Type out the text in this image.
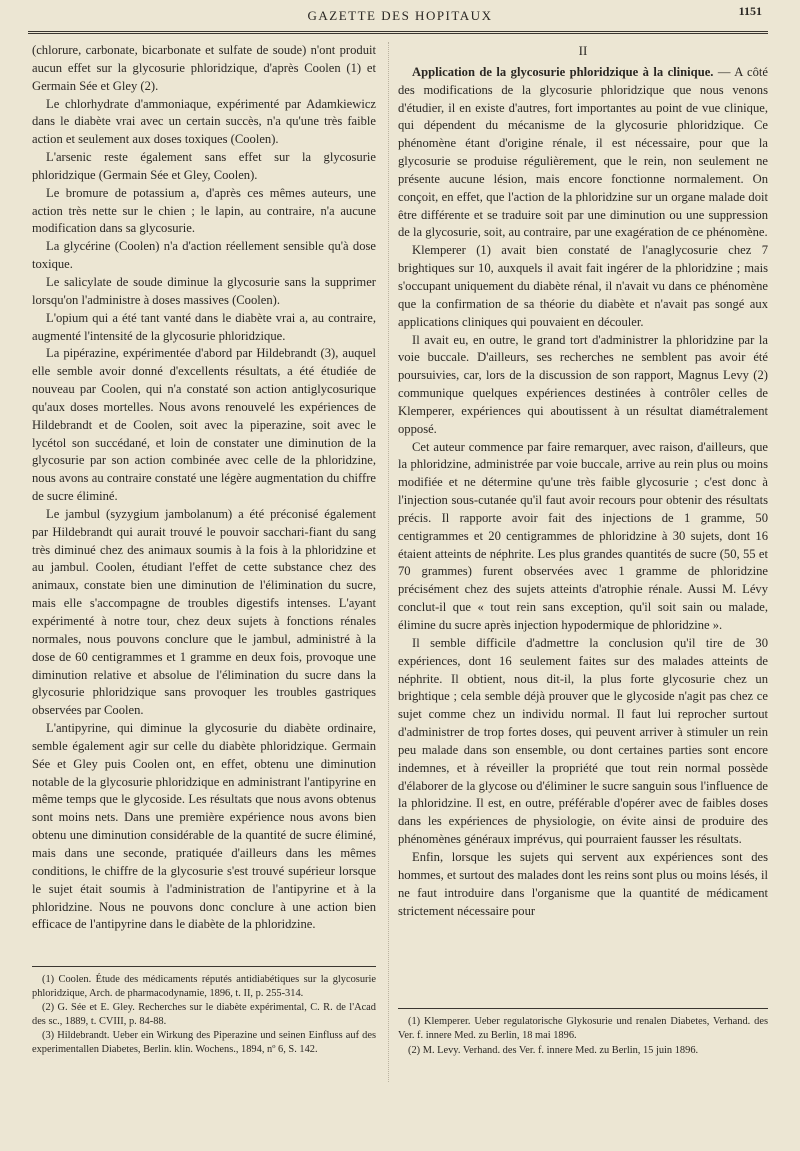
GAZETTE DES HOPITAUX	1151

(chlorure, carbonate, bicarbonate et sulfate de soude) n'ont produit aucun effet sur la glycosurie phloridzique, d'après Coolen (1) et Germain Sée et Gley (2).

Le chlorhydrate d'ammoniaque, expérimenté par Adamkiewicz dans le diabète vrai avec un certain succès, n'a qu'une très faible action et seulement aux doses toxiques (Coolen).

L'arsenic reste également sans effet sur la glycosurie phloridzique (Germain Sée et Gley, Coolen).

Le bromure de potassium a, d'après ces mêmes auteurs, une action très nette sur le chien ; le lapin, au contraire, n'a aucune modification dans sa glycosurie.

La glycérine (Coolen) n'a d'action réellement sensible qu'à dose toxique.

Le salicylate de soude diminue la glycosurie sans la supprimer lorsqu'on l'administre à doses massives (Coolen).

L'opium qui a été tant vanté dans le diabète vrai a, au contraire, augmenté l'intensité de la glycosurie phloridzique.

La pipérazine, expérimentée d'abord par Hildebrandt (3), auquel elle semble avoir donné d'excellents résultats, a été étudiée de nouveau par Coolen, qui n'a constaté son action antiglycosurique qu'aux doses mortelles. Nous avons renouvelé les expériences de Hildebrandt et de Coolen, soit avec la piperazine, soit avec le lycétol son succédané, et loin de constater une diminution de la glycosurie par son action combinée avec celle de la phloridzine, nous avons au contraire constaté une légère augmentation du chiffre de sucre éliminé.

Le jambul (syzygium jambolanum) a été préconisé également par Hildebrandt qui aurait trouvé le pouvoir sacchari-fiant du sang très diminué chez des animaux soumis à la fois à la phloridzine et au jambul. Coolen, étudiant l'effet de cette substance chez des animaux, constate bien une diminution de l'élimination du sucre, mais elle s'accompagne de troubles digestifs intenses. L'ayant expérimenté à notre tour, chez deux sujets à fonctions rénales normales, nous pouvons conclure que le jambul, administré à la dose de 60 centigrammes et 1 gramme en deux fois, provoque une diminution relative et absolue de l'élimination du sucre dans la glycosurie phloridzique sans provoquer les troubles gastriques observées par Coolen.

L'antipyrine, qui diminue la glycosurie du diabète ordinaire, semble également agir sur celle du diabète phloridzique. Germain Sée et Gley puis Coolen ont, en effet, obtenu une diminution notable de la glycosurie phloridzique en administrant l'antipyrine en même temps que le glycoside. Les résultats que nous avons obtenus sont moins nets. Dans une première expérience nous avons bien obtenu une diminution considérable de la quantité de sucre éliminé, mais dans une seconde, pratiquée d'ailleurs dans les mêmes conditions, le chiffre de la glycosurie s'est trouvé supérieur lorsque le sujet était soumis à l'administration de l'antipyrine et à la phloridzine. Nous ne pouvons donc conclure à une action bien efficace de l'antipyrine dans le diabète de la phloridzine.

(1) Coolen. Étude des médicaments réputés antidiabétiques sur la glycosurie phloridzique, Arch. de pharmacodynamie, 1896, t. II, p. 255-314.

(2) G. Sée et E. Gley. Recherches sur le diabète expérimental, C. R. de l'Acad des sc., 1889, t. CVIII, p. 84-88.

(3) Hildebrandt. Ueber ein Wirkung des Piperazine und seinen Einfluss auf des experimentallen Diabetes, Berlin. klin. Wochens., 1894, nº 6, S. 142.

II

Application de la glycosurie phloridzique à la clinique. — A côté des modifications de la glycosurie phloridzique que nous venons d'étudier, il en existe d'autres, fort importantes au point de vue clinique, qui dépendent du mécanisme de la glycosurie phloridzique. Ce phénomène étant d'origine rénale, il est nécessaire, pour que la glycosurie se produise régulièrement, que le rein, non seulement ne présente aucune lésion, mais encore fonctionne normalement. On conçoit, en effet, que l'action de la phloridzine sur un organe malade doit être différente et se traduire soit par une diminution ou une suppression de la glycosurie, soit, au contraire, par une exagération de ce phénomène.

Klemperer (1) avait bien constaté de l'anaglycosurie chez 7 brightiques sur 10, auxquels il avait fait ingérer de la phloridzine ; mais s'occupant uniquement du diabète rénal, il n'avait vu dans ce phénomène que la confirmation de sa théorie du diabète et n'avait pas songé aux applications cliniques qui pouvaient en découler.

Il avait eu, en outre, le grand tort d'administrer la phloridzine par la voie buccale. D'ailleurs, ses recherches ne semblent pas avoir été poursuivies, car, lors de la discussion de son rapport, Magnus Levy (2) communique quelques expériences destinées à contrôler celles de Klemperer, expériences qui aboutissent à un résultat diamétralement opposé.

Cet auteur commence par faire remarquer, avec raison, d'ailleurs, que la phloridzine, administrée par voie buccale, arrive au rein plus ou moins modifiée et ne détermine qu'une très faible glycosurie ; c'est donc à l'injection sous-cutanée qu'il faut avoir recours pour obtenir des résultats précis. Il rapporte avoir fait des injections de 1 gramme, 50 centigrammes et 20 centigrammes de phloridzine à 30 sujets, dont 16 étaient atteints de néphrite. Les plus grandes quantités de sucre (50, 55 et 70 grammes) furent observées avec 1 gramme de phloridzine précisément chez des sujets atteints d'atrophie rénale. Aussi M. Lévy conclut-il que « tout rein sans exception, qu'il soit sain ou malade, élimine du sucre après injection hypodermique de phloridzine ».

Il semble difficile d'admettre la conclusion qu'il tire de 30 expériences, dont 16 seulement faites sur des malades atteints de néphrite. Il obtient, nous dit-il, la plus forte glycosurie chez un brightique ; cela semble déjà prouver que le glycoside n'agit pas chez ce sujet comme chez un individu normal. Il faut lui reprocher surtout d'administrer de trop fortes doses, qui peuvent arriver à stimuler un rein peu malade dans son ensemble, ou dont certaines parties sont encore indemnes, et à réveiller la propriété que tout rein normal possède d'élaborer de la glycose ou d'éliminer le sucre sanguin sous l'influence de la phloridzine. Il est, en outre, préférable d'opérer avec de faibles doses dans les expériences de physiologie, on évite ainsi de produire des phénomènes généraux imprévus, qui pourraient fausser les résultats.

Enfin, lorsque les sujets qui servent aux expériences sont des hommes, et surtout des malades dont les reins sont plus ou moins lésés, il ne faut introduire dans l'organisme que la quantité de médicament strictement nécessaire pour

(1) Klemperer. Ueber regulatorische Glykosurie und renalen Diabetes, Verhand. des Ver. f. innere Med. zu Berlin, 18 mai 1896.

(2) M. Levy. Verhand. des Ver. f. innere Med. zu Berlin, 15 juin 1896.
